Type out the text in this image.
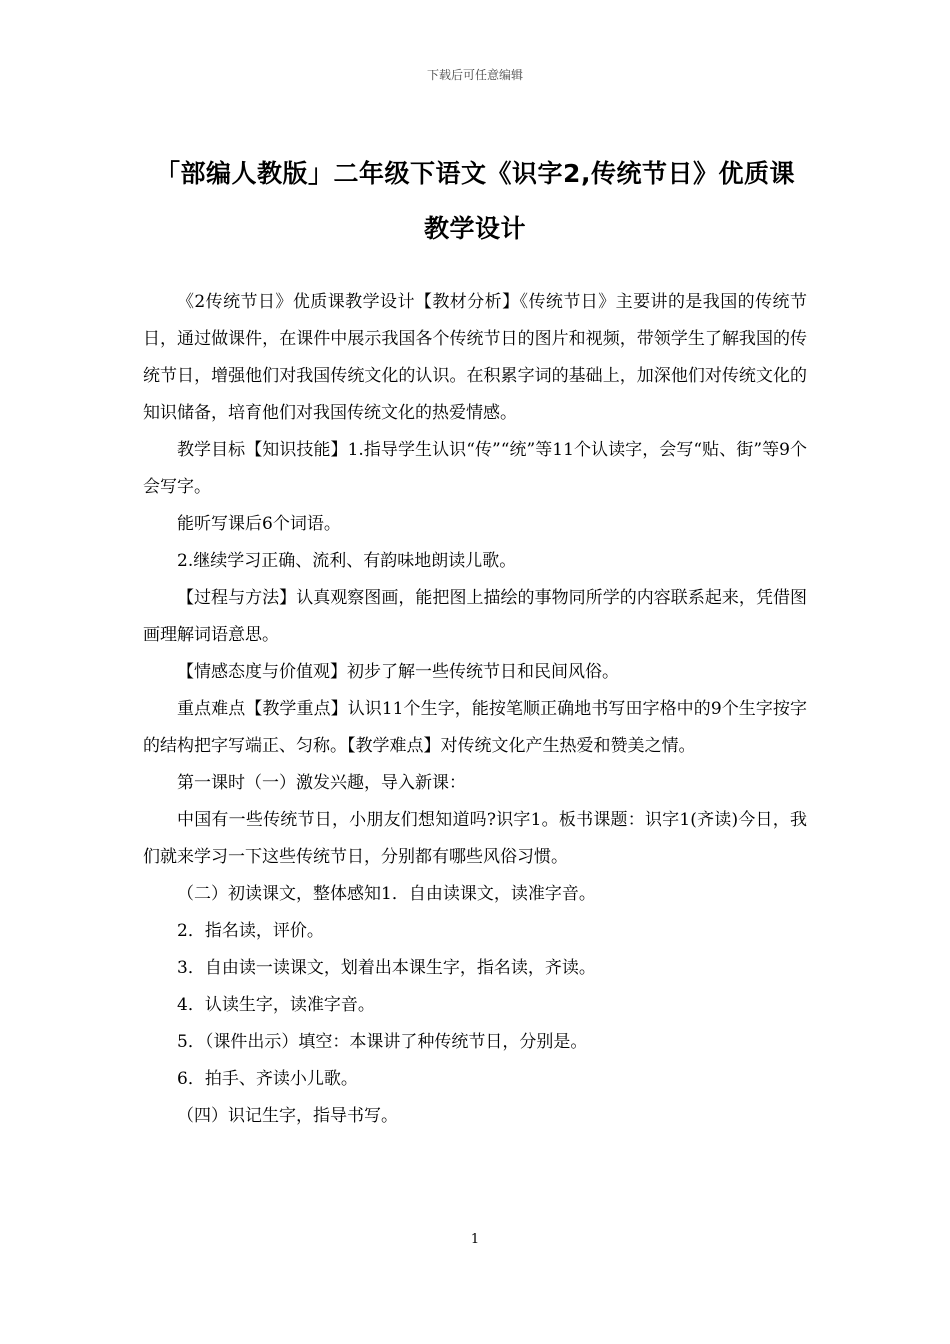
下载后可任意编辑
「部编人教版」二年级下语文《识字2,传统节日》优质课
教学设计

《2传统节日》优质课教学设计【教材分析】《传统节日》主要讲的是我国的传统节日，通过做课件，在课件中展示我国各个传统节日的图片和视频，带领学生了解我国的传统节日，增强他们对我国传统文化的认识。在积累字词的基础上，加深他们对传统文化的知识储备，培育他们对我国传统文化的热爱情感。

教学目标【知识技能】1.指导学生认识“传”“统”等11个认读字，会写“贴、街”等9个会写字。

能听写课后6个词语。

2.继续学习正确、流利、有韵味地朗读儿歌。

【过程与方法】认真观察图画，能把图上描绘的事物同所学的内容联系起来，凭借图画理解词语意思。

【情感态度与价值观】初步了解一些传统节日和民间风俗。

重点难点【教学重点】认识11个生字，能按笔顺正确地书写田字格中的9个生字按字的结构把字写端正、匀称。【教学难点】对传统文化产生热爱和赞美之情。

第一课时（一）激发兴趣，导入新课：

中国有一些传统节日，小朋友们想知道吗?识字1。板书课题：识字1(齐读)今日，我们就来学习一下这些传统节日，分别都有哪些风俗习惯。

（二）初读课文，整体感知1．自由读课文，读准字音。

2．指名读，评价。

3．自由读一读课文，划着出本课生字，指名读，齐读。

4．认读生字，读准字音。

5．（课件出示）填空：本课讲了种传统节日，分别是。

6．拍手、齐读小儿歌。

（四）识记生字，指导书写。

1
